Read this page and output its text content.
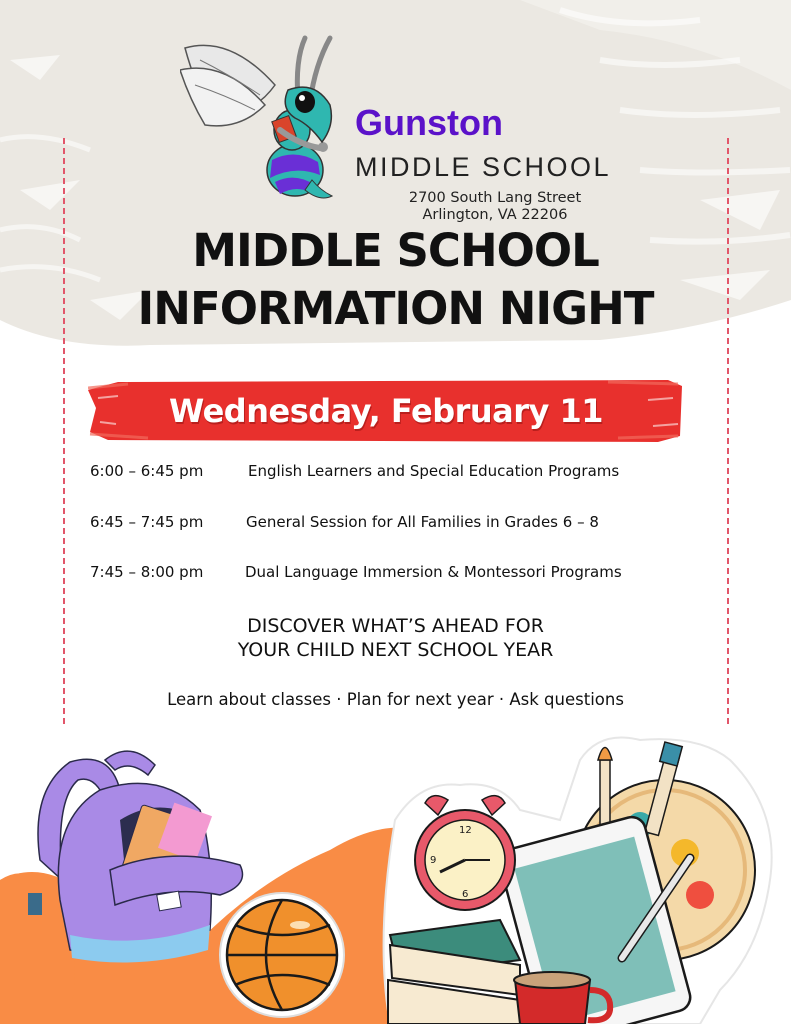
Gunston
MIDDLE SCHOOL
2700 South Lang Street
Arlington, VA 22206
MIDDLE SCHOOL
INFORMATION NIGHT
Wednesday, February 11
6:00 – 6:45 pm	English Learners and Special Education Programs
6:45 – 7:45 pm	General Session for All Families in Grades 6 – 8
7:45 – 8:00 pm	Dual Language Immersion & Montessori Programs
DISCOVER WHAT’S AHEAD FOR
YOUR CHILD NEXT SCHOOL YEAR
Learn about classes · Plan for next year · Ask questions
12
9
6
